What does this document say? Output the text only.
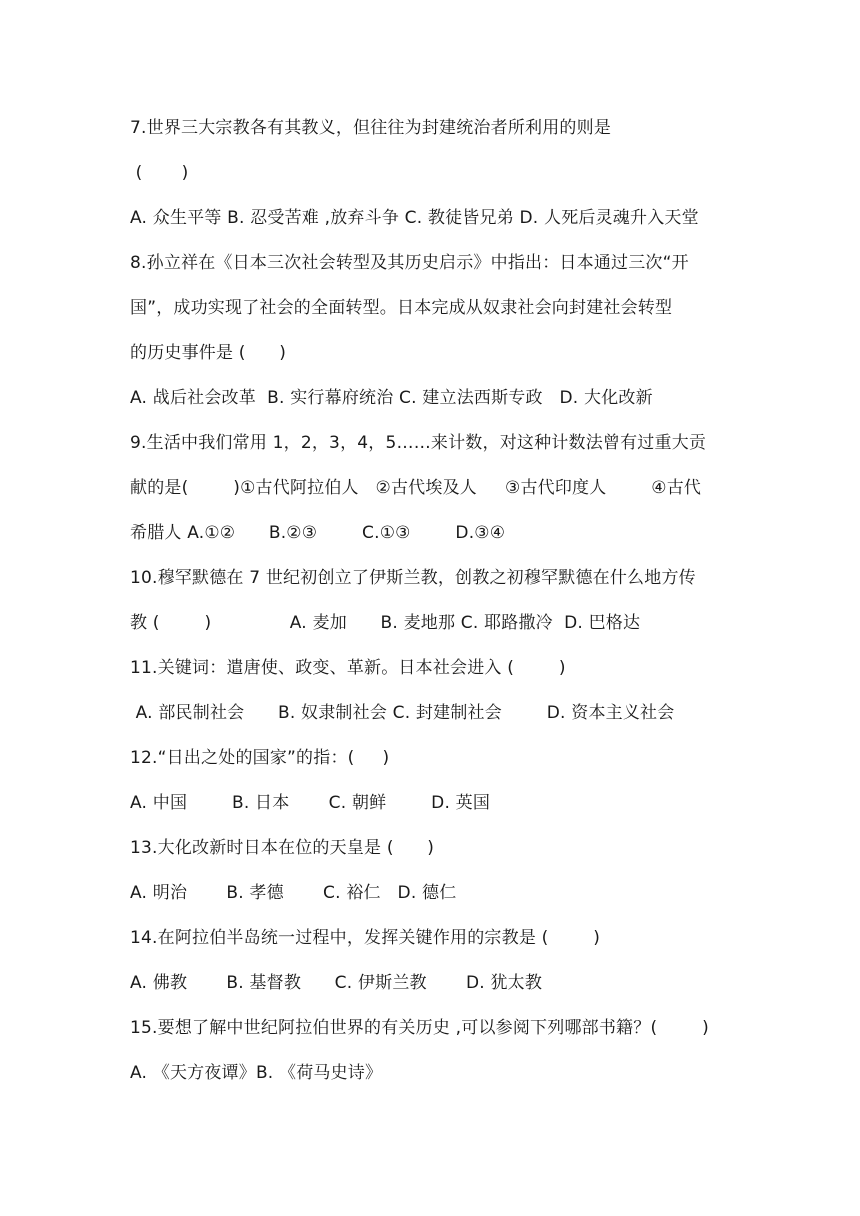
7.世界三大宗教各有其教义，但往往为封建统治者所利用的则是
(       )
A. 众生平等 B. 忍受苦难 ,放弃斗争 C. 教徒皆兄弟 D. 人死后灵魂升入天堂
8.孙立祥在《日本三次社会转型及其历史启示》中指出：日本通过三次“开
国”，成功实现了社会的全面转型。日本完成从奴隶社会向封建社会转型
的历史事件是 (      )
A. 战后社会改革  B. 实行幕府统治 C. 建立法西斯专政   D. 大化改新
9.生活中我们常用 1，2，3，4，5……来计数，对这种计数法曾有过重大贡
献的是(        )①古代阿拉伯人   ②古代埃及人     ③古代印度人        ④古代
希腊人 A.①②      B.②③        C.①③        D.③④
10.穆罕默德在 7 世纪初创立了伊斯兰教，创教之初穆罕默德在什么地方传
教 (        )              A. 麦加      B. 麦地那 C. 耶路撒冷  D. 巴格达
11.关键词：遣唐使、政变、革新。日本社会进入 (        )
A. 部民制社会      B. 奴隶制社会 C. 封建制社会        D. 资本主义社会
12.“日出之处的国家”的指：(     )
A. 中国        B. 日本       C. 朝鲜        D. 英国
13.大化改新时日本在位的天皇是 (      )
A. 明治       B. 孝德       C. 裕仁   D. 德仁
14.在阿拉伯半岛统一过程中，发挥关键作用的宗教是 (        )
A. 佛教       B. 基督教      C. 伊斯兰教       D. 犹太教
15.要想了解中世纪阿拉伯世界的有关历史 ,可以参阅下列哪部书籍？(        )
A. 《天方夜谭》B. 《荷马史诗》
